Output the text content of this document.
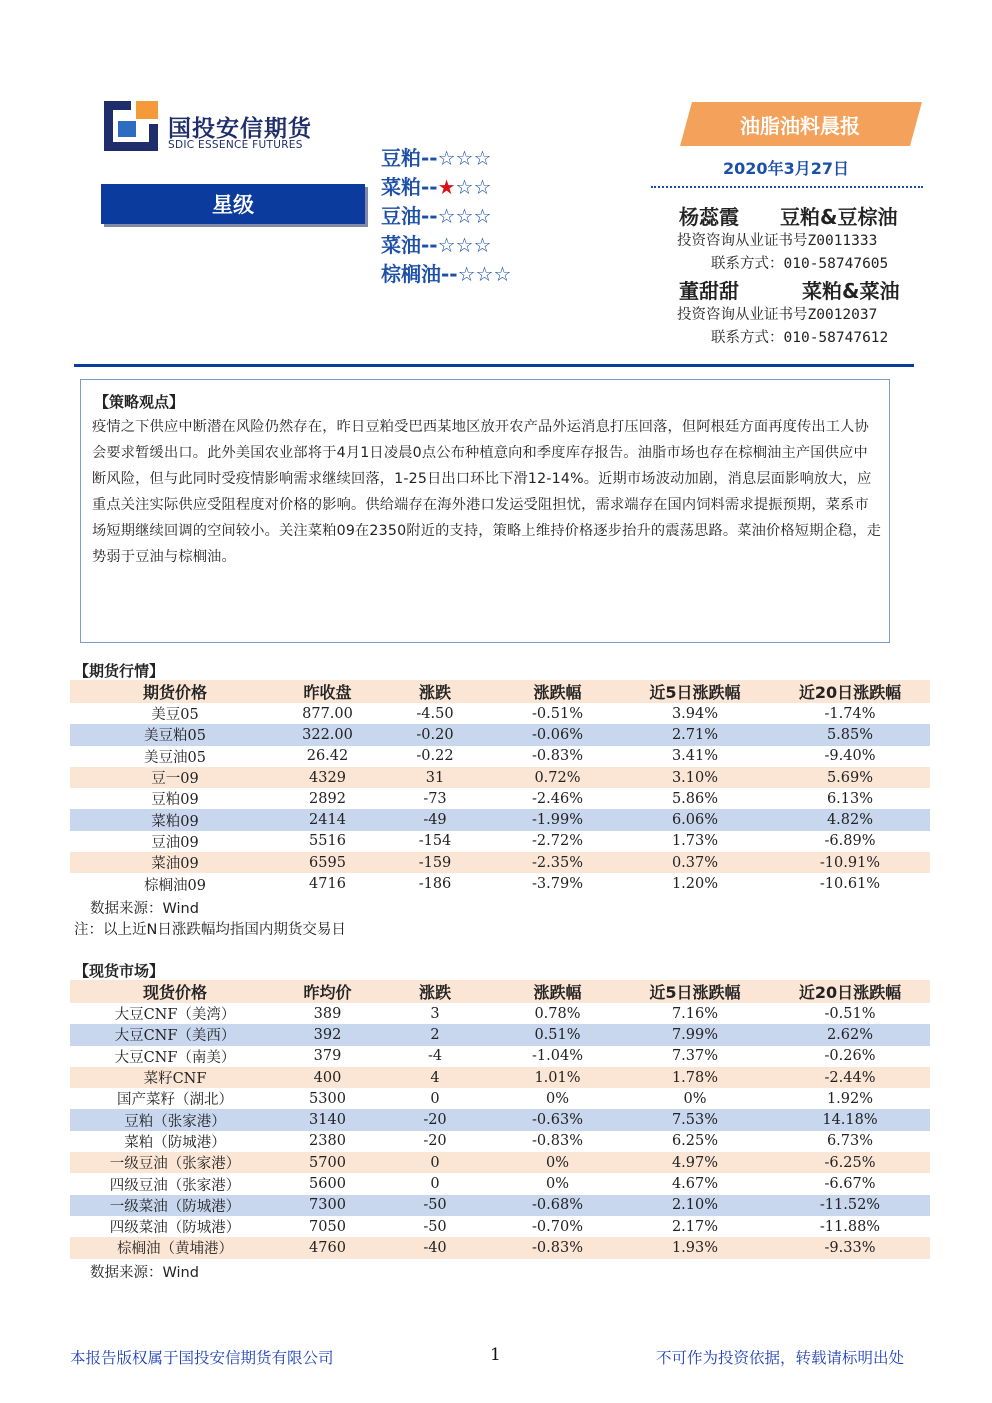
国投安信期货
SDIC ESSENCE FUTURES
星级
豆粕--☆☆☆
菜粕--★☆☆
豆油--☆☆☆
菜油--☆☆☆
棕榈油--☆☆☆
油脂油料晨报
2020年3月27日
杨蕊霞 豆粕&豆棕油
投资咨询从业证书号Z0011333
联系方式：010-58747605
董甜甜	菜粕&菜油
投资咨询从业证书号Z0012037
联系方式：010-58747612
【策略观点】
疫情之下供应中断潜在风险仍然存在，昨日豆粕受巴西某地区放开农产品外运消息打压回落，但阿根廷方面再度传出工人协会要求暂缓出口。此外美国农业部将于4月1日凌晨0点公布种植意向和季度库存报告。油脂市场也存在棕榈油主产国供应中断风险，但与此同时受疫情影响需求继续回落，1-25日出口环比下滑12-14%。近期市场波动加剧，消息层面影响放大，应重点关注实际供应受阻程度对价格的影响。供给端存在海外港口发运受阻担忧，需求端存在国内饲料需求提振预期，菜系市场短期继续回调的空间较小。关注菜粕09在2350附近的支持，策略上维持价格逐步抬升的震荡思路。菜油价格短期企稳，走势弱于豆油与棕榈油。
【期货行情】
期货价格	昨收盘	涨跌	涨跌幅	近5日涨跌幅	近20日涨跌幅
美豆05	877.00	-4.50	-0.51%	3.94%	-1.74%
美豆粕05	322.00	-0.20	-0.06%	2.71%	5.85%
美豆油05	26.42	-0.22	-0.83%	3.41%	-9.40%
豆一09	4329	31	0.72%	3.10%	5.69%
豆粕09	2892	-73	-2.46%	5.86%	6.13%
菜粕09	2414	-49	-1.99%	6.06%	4.82%
豆油09	5516	-154	-2.72%	1.73%	-6.89%
菜油09	6595	-159	-2.35%	0.37%	-10.91%
棕榈油09	4716	-186	-3.79%	1.20%	-10.61%
数据来源：Wind
注：以上近N日涨跌幅均指国内期货交易日
【现货市场】
现货价格	昨均价	涨跌	涨跌幅	近5日涨跌幅	近20日涨跌幅
大豆CNF（美湾）	389	3	0.78%	7.16%	-0.51%
大豆CNF（美西）	392	2	0.51%	7.99%	2.62%
大豆CNF（南美）	379	-4	-1.04%	7.37%	-0.26%
菜籽CNF	400	4	1.01%	1.78%	-2.44%
国产菜籽（湖北）	5300	0	0%	0%	1.92%
豆粕（张家港）	3140	-20	-0.63%	7.53%	14.18%
菜粕（防城港）	2380	-20	-0.83%	6.25%	6.73%
一级豆油（张家港）	5700	0	0%	4.97%	-6.25%
四级豆油（张家港）	5600	0	0%	4.67%	-6.67%
一级菜油（防城港）	7300	-50	-0.68%	2.10%	-11.52%
四级菜油（防城港）	7050	-50	-0.70%	2.17%	-11.88%
棕榈油（黄埔港）	4760	-40	-0.83%	1.93%	-9.33%
数据来源：Wind
本报告版权属于国投安信期货有限公司	1	不可作为投资依据，转载请标明出处
